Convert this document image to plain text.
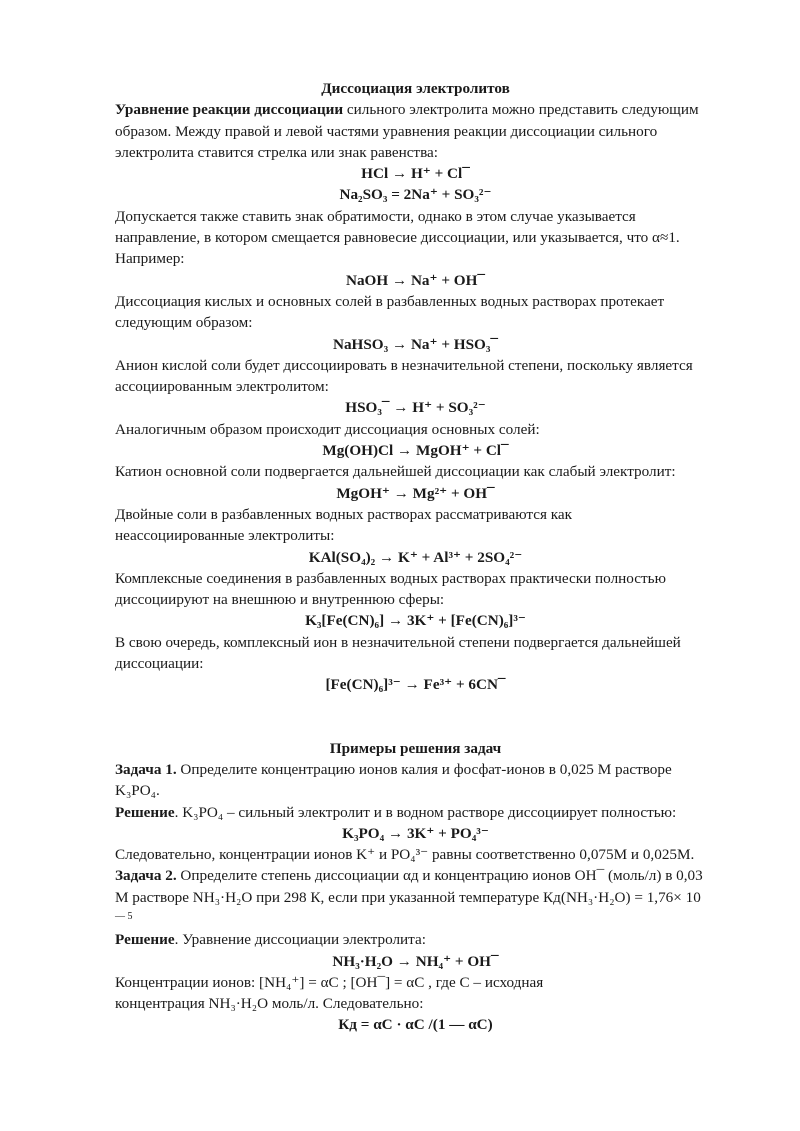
Диссоциация электролитов
Уравнение реакции диссоциации сильного электролита можно представить следующим
образом. Между правой и левой частями уравнения реакции диссоциации сильного
электролита ставится стрелка или знак равенства:
HCl → H⁺ + Cl¯
Na₂SO₃ = 2Na⁺ + SO₃²⁻
Допускается также ставить знак обратимости, однако в этом случае указывается
направление, в котором смещается равновесие диссоциации, или указывается, что α≈1.
Например:
NaOH → Na⁺ + OH¯
Диссоциация кислых и основных солей в разбавленных водных растворах протекает
следующим образом:
NaHSO₃ → Na⁺ + HSO₃¯
Анион кислой соли будет диссоциировать в незначительной степени, поскольку является
ассоциированным электролитом:
HSO₃¯ → H⁺ + SO₃²⁻
Аналогичным образом происходит диссоциация основных солей:
Mg(OH)Cl → MgOH⁺ + Cl¯
Катион основной соли подвергается дальнейшей диссоциации как слабый электролит:
MgOH⁺ → Mg²⁺ + OH¯
Двойные соли в разбавленных водных растворах рассматриваются как
неассоциированные электролиты:
KAl(SO₄)₂ → K⁺ + Al³⁺ + 2SO₄²⁻
Комплексные соединения в разбавленных водных растворах практически полностью
диссоциируют на внешнюю и внутреннюю сферы:
K₃[Fe(CN)₆] → 3K⁺ + [Fe(CN)₆]³⁻
В свою очередь, комплексный ион в незначительной степени подвергается дальнейшей
диссоциации:
[Fe(CN)₆]³⁻ → Fe³⁺ + 6CN¯
Примеры решения задач
Задача 1. Определите концентрацию ионов калия и фосфат-ионов в 0,025 М растворе
K₃PO₄.
Решение. K₃PO₄ – сильный электролит и в водном растворе диссоциирует полностью:
K₃PO₄ → 3K⁺ + PO₄³⁻
Следовательно, концентрации ионов K⁺ и PO₄³⁻ равны соответственно 0,075М и 0,025М.
Задача 2. Определите степень диссоциации αд и концентрацию ионов OH¯ (моль/л) в 0,03
М растворе NH₃·H₂O при 298 К, если при указанной температуре Кд(NH₃·H₂O) = 1,76× 10
$^{— 5}$
Решение. Уравнение диссоциации электролита:
NH₃·H₂O → NH₄⁺ + OH¯
Концентрации ионов: [NH₄⁺] = αC ; [OH¯] = αC , где C – исходная
концентрация NH₃·H₂O моль/л. Следовательно:
Кд = αC · αC /(1 — αC)
